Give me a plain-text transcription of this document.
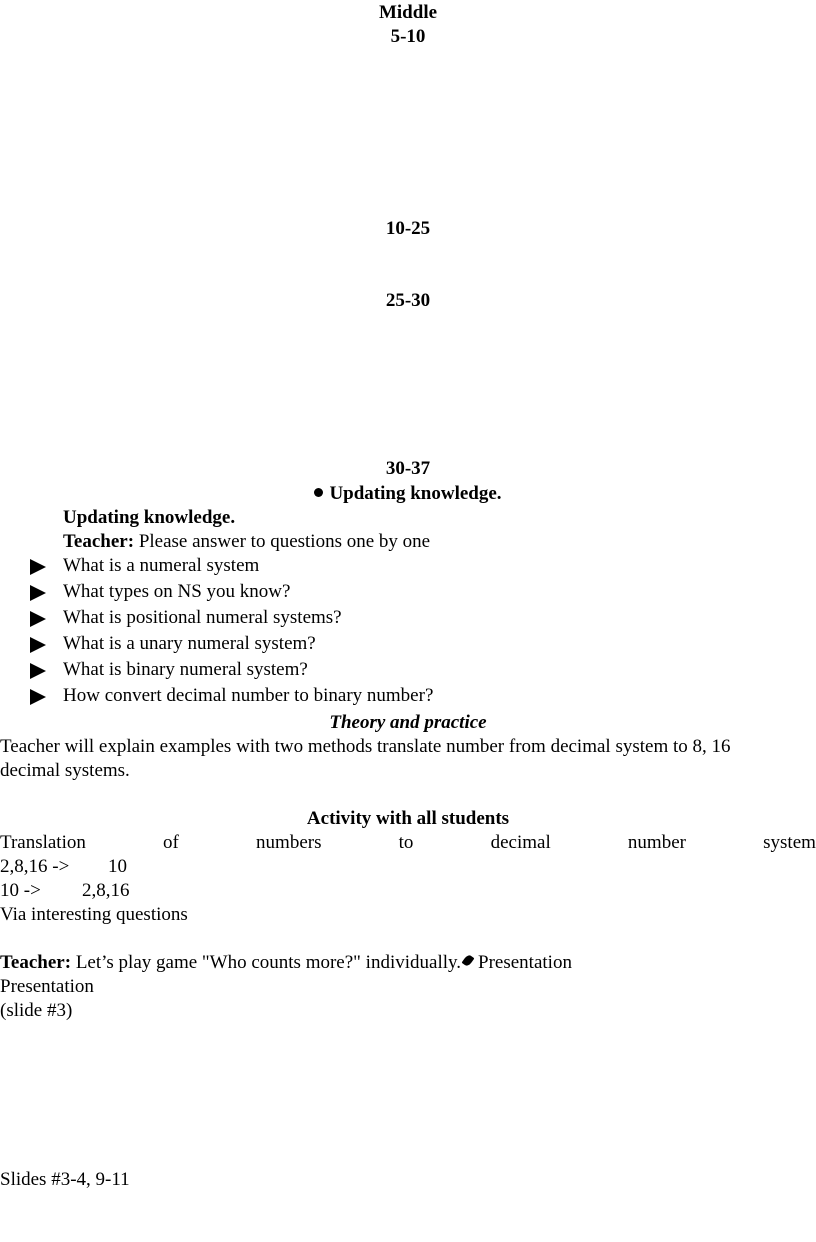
Middle
5-10
10-25
25-30
30-37
Updating knowledge.
Updating knowledge.
Teacher: Please answer to questions one by one
What is a numeral system
What types on NS you know?
What is positional numeral systems?
What is a unary numeral system?
What is binary numeral system?
How convert decimal number to binary number?
Theory and practice
Teacher will explain examples with two methods translate number from decimal system to 8, 16
decimal systems.
Activity with all students
Translation	of	numbers	to	decimal	number	system
2,8,16 -> 10
10 -> 2,8,16
Via interesting questions
Teacher: Let’s play game "Who counts more?" individually. Presentation
Presentation
(slide #3)
Slides #3-4, 9-11
